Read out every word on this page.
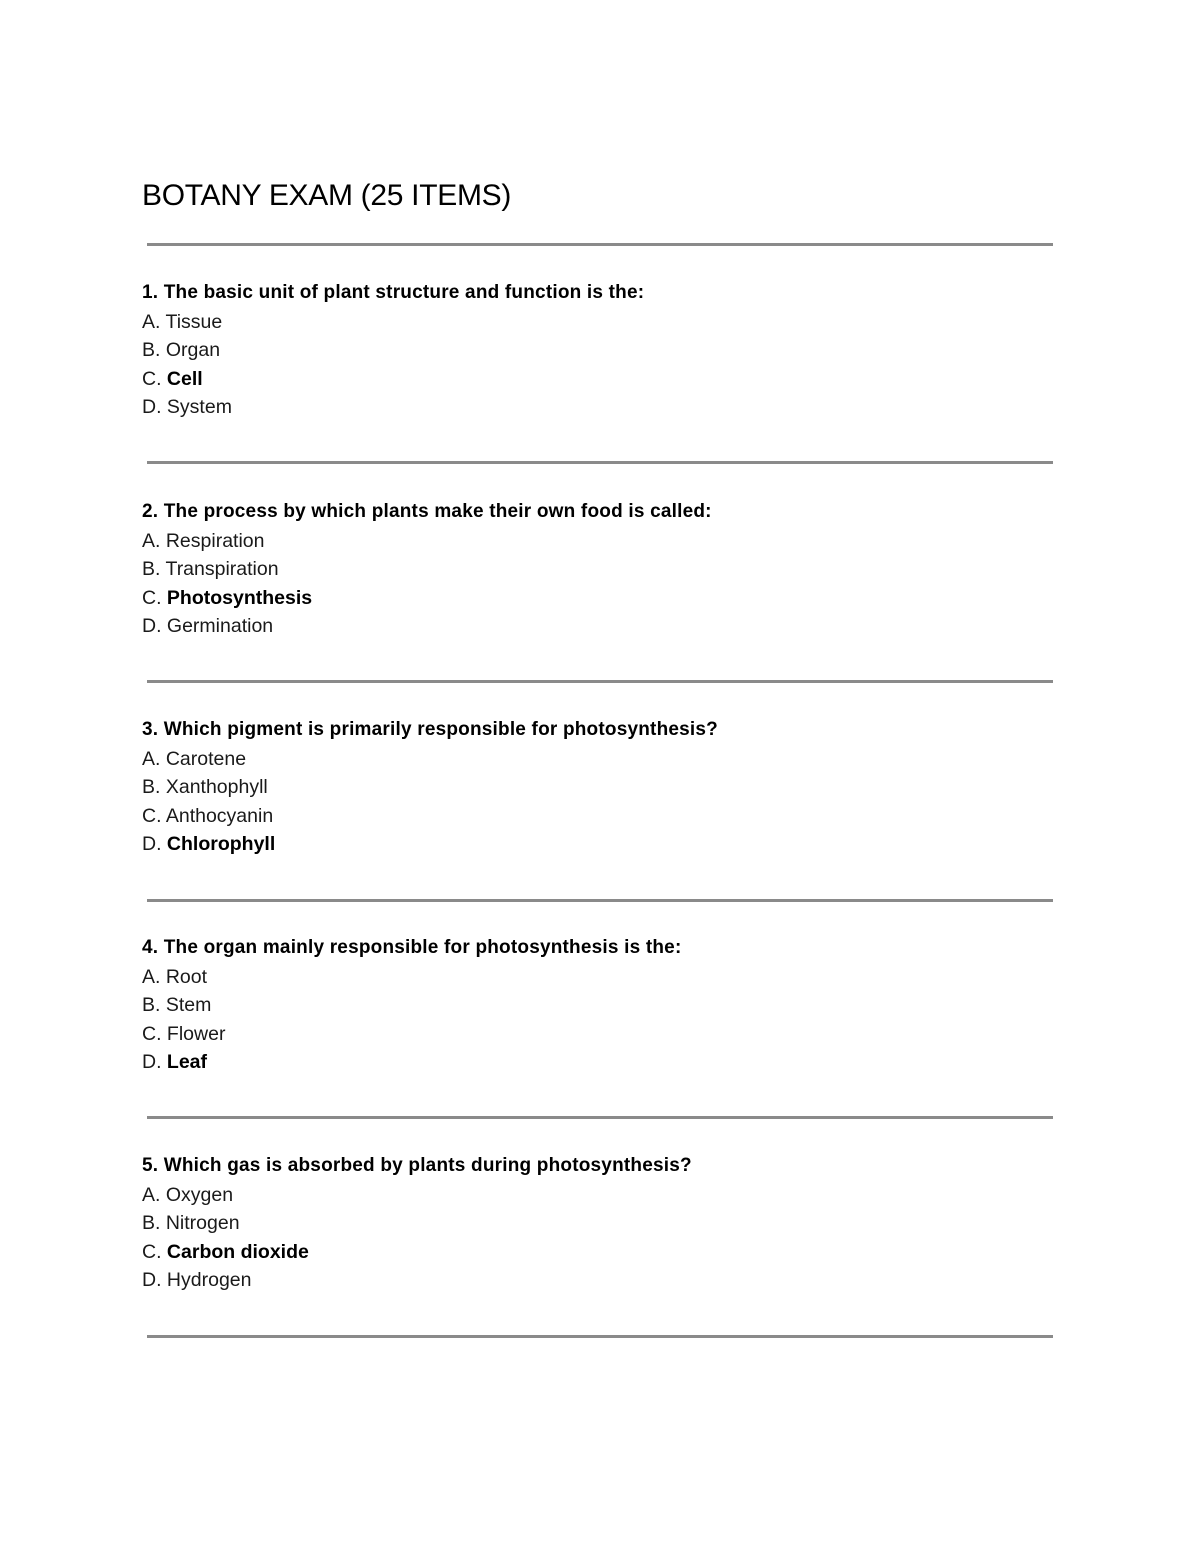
BOTANY EXAM (25 ITEMS)
1. The basic unit of plant structure and function is the:
A. Tissue
B. Organ
C. Cell
D. System
2. The process by which plants make their own food is called:
A. Respiration
B. Transpiration
C. Photosynthesis
D. Germination
3. Which pigment is primarily responsible for photosynthesis?
A. Carotene
B. Xanthophyll
C. Anthocyanin
D. Chlorophyll
4. The organ mainly responsible for photosynthesis is the:
A. Root
B. Stem
C. Flower
D. Leaf
5. Which gas is absorbed by plants during photosynthesis?
A. Oxygen
B. Nitrogen
C. Carbon dioxide
D. Hydrogen
